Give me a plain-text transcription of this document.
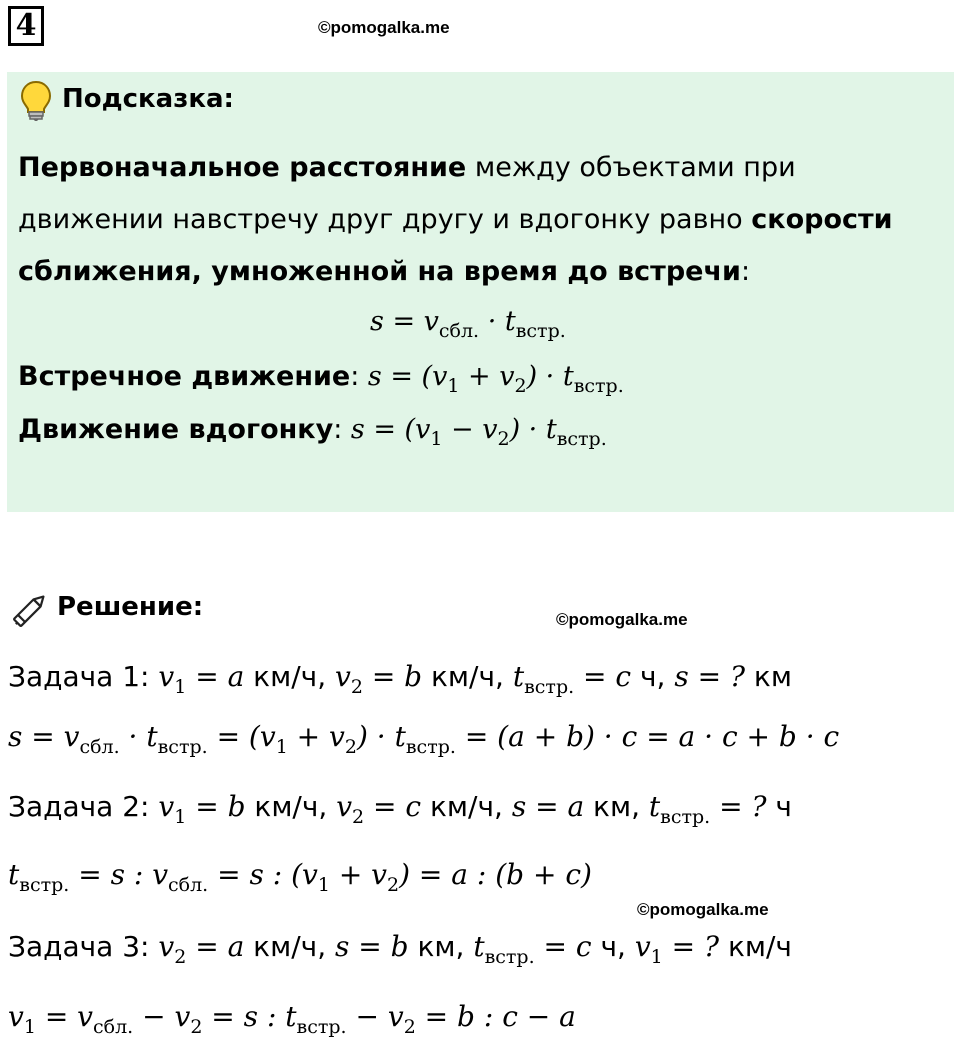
4	©pomogalka.me
Подсказка:
Первоначальное расстояние между объектами при
движении навстречу друг другу и вдогонку равно скорости
сближения, умноженной на время до встречи:
$s = v_{сбл.} \cdot t_{встр.}$
Встречное движение: $s = (v_1 + v_2) \cdot t_{встр.}$
Движение вдогонку: $s = (v_1 - v_2) \cdot t_{встр.}$
Решение:	©pomogalka.me
Задача 1: $v_1 = a$ км/ч, $v_2 = b$ км/ч, $t_{встр.} = c$ ч, s = ? км
$s = v_{сбл.} \cdot t_{встр.} = (v_1 + v_2) \cdot t_{встр.} = (a + b) \cdot c = a \cdot c + b \cdot c$
Задача 2: $v_1 = b$ км/ч, $v_2 = c$ км/ч, s = a км, $t_{встр.}$ = ? ч
$t_{встр.} = s$ : $v_{сбл.} = s$ : $(v_1 + v_2) = a$ : (b + c)
©pomogalka.me
Задача 3: $v_2 = a$ км/ч, s = b км, $t_{встр.} = c$ ч, $v_1$ = ? км/ч
$v_1 = v_{сбл.} - v_2 = s$ : $t_{встр.} - v_2 = b$ : c − a
